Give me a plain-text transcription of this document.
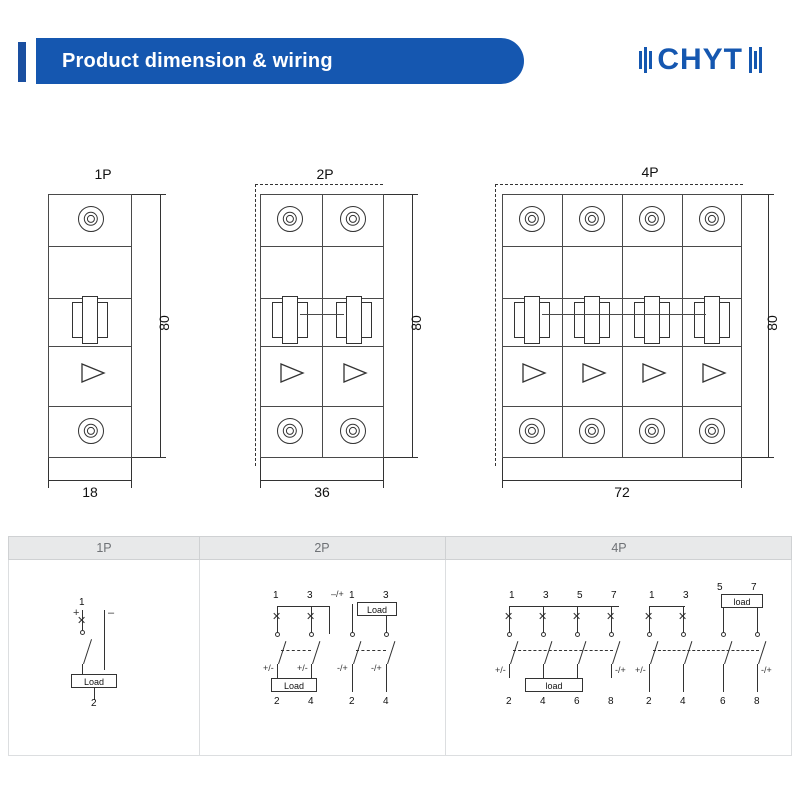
Product dimension & wiring	CHYT
1P
80
18
2P
80
36
4P
80
72
1P	2P	4P
1
+	–
✕
Load
2
1	3
✕ ✕
+/-	+/-
Load
2	4
1	3
–/+
Load
-/+	-/+
2	4
1	3	5	7
✕ ✕ ✕ ✕
+/-	-/+
load
2	4	6	8
1	3
5	7
load
✕ ✕
+/-	-/+
2	4	6	8
